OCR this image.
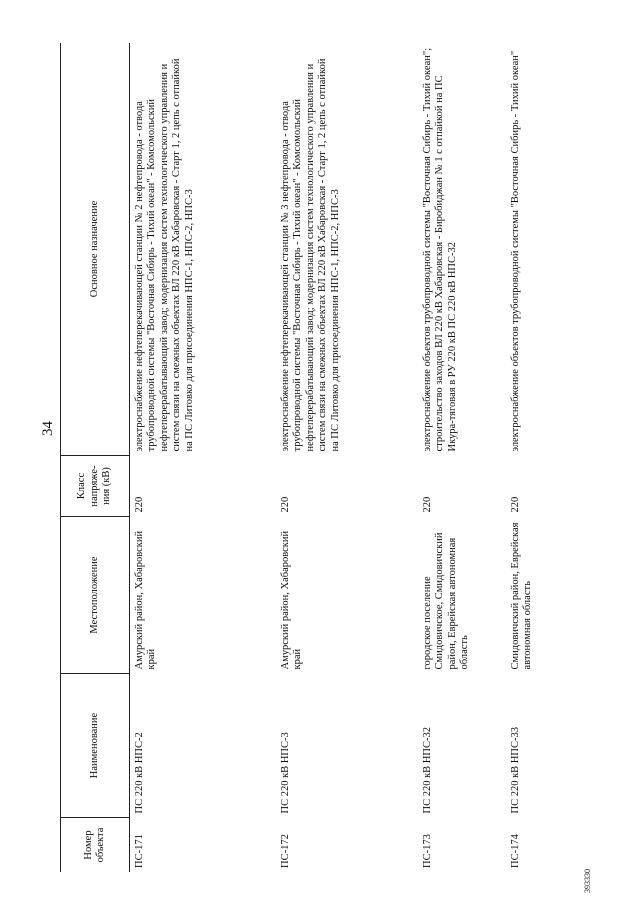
34
Номер объекта	Наименование	Местоположение	Класс напряже-ния (кВ)	Основное назначение
ПС-171	ПС 220 кВ НПС-2	Амурский район, Хабаровский край	220	электроснабжение нефтеперекачивающей станции № 2 нефтепровода - отвода трубопроводной системы "Восточная Сибирь - Тихий океан" - Комсомольский нефтеперерабатывающий завод; модернизация систем технологического управления и систем связи на смежных объектах ВЛ 220 кВ Хабаровская - Старт 1, 2 цепь с отпайкой на ПС Литовко для присоединения НПС-1, НПС-2, НПС-3
ПС-172	ПС 220 кВ НПС-3	Амурский район, Хабаровский край	220	электроснабжение нефтеперекачивающей станции № 3 нефтепровода - отвода трубопроводной системы "Восточная Сибирь - Тихий океан" - Комсомольский нефтеперерабатывающий завод; модернизация систем технологического управления и систем связи на смежных объектах ВЛ 220 кВ Хабаровская - Старт 1, 2 цепь с отпайкой на ПС Литовко для присоединения НПС-1, НПС-2, НПС-3
ПС-173	ПС 220 кВ НПС-32	городское поселение Смидовичское, Смидовичский район, Еврейская автономная область	220	электроснабжение объектов трубопроводной системы "Восточная Сибирь - Тихий океан"; строительство заходов ВЛ 220 кВ Хабаровская - Биробиджан № 1 с отпайкой на ПС Икура-тяговая в РУ 220 кВ ПС 220 кВ НПС-32
ПС-174	ПС 220 кВ НПС-33	Смидовичский район, Еврейская автономная область	220	электроснабжение объектов трубопроводной системы "Восточная Сибирь - Тихий океан"
393330
